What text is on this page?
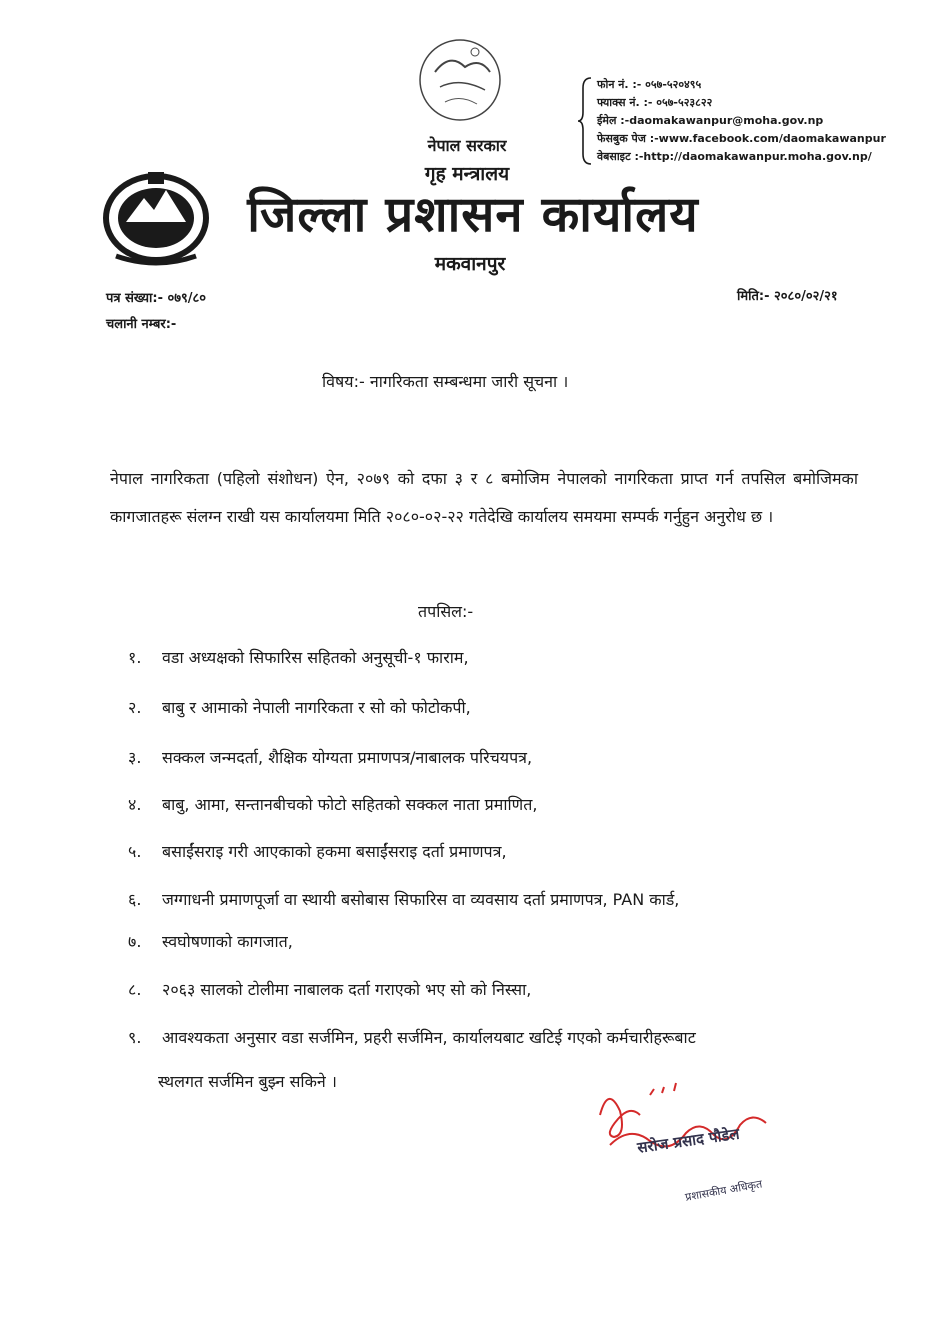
नेपाल सरकार
गृह मन्त्रालय
जिल्ला प्रशासन कार्यालय
मकवानपुर
फोन नं. :- ०५७-५२०४९५
फ्याक्स नं. :- ०५७-५२३८२२
ईमेल :-daomakawanpur@moha.gov.np
फेसबुक पेज :-www.facebook.com/daomakawanpur
वेबसाइट :-http://daomakawanpur.moha.gov.np/
पत्र संख्या:- ०७९/८०
चलानी नम्बर:-
मिति:- २०८०/०२/२१
विषय:- नागरिकता सम्बन्धमा जारी सूचना ।
नेपाल नागरिकता (पहिलो संशोधन) ऐन, २०७९ को दफा ३ र ८ बमोजिम नेपालको नागरिकता प्राप्त गर्न तपसिल बमोजिमका कागजातहरू संलग्न राखी यस कार्यालयमा मिति २०८०-०२-२२ गतेदेखि कार्यालय समयमा सम्पर्क गर्नुहुन अनुरोध छ ।
तपसिल:-
१. वडा अध्यक्षको सिफारिस सहितको अनुसूची-१ फाराम,
२. बाबु र आमाको नेपाली नागरिकता र सो को फोटोकपी,
३. सक्कल जन्मदर्ता, शैक्षिक योग्यता प्रमाणपत्र/नाबालक परिचयपत्र,
४. बाबु, आमा, सन्तानबीचको फोटो सहितको सक्कल नाता प्रमाणित,
५. बसाईंसराइ गरी आएकाको हकमा बसाईंसराइ दर्ता प्रमाणपत्र,
६. जग्गाधनी प्रमाणपूर्जा वा स्थायी बसोबास सिफारिस वा व्यवसाय दर्ता प्रमाणपत्र, PAN कार्ड,
७. स्वघोषणाको कागजात,
८. २०६३ सालको टोलीमा नाबालक दर्ता गराएको भए सो को निस्सा,
९. आवश्यकता अनुसार वडा सर्जमिन, प्रहरी सर्जमिन, कार्यालयबाट खटिई गएको कर्मचारीहरूबाट
स्थलगत सर्जमिन बुझ्न सकिने ।
सरोज प्रसाद पौडेल
प्रशासकीय अधिकृत
